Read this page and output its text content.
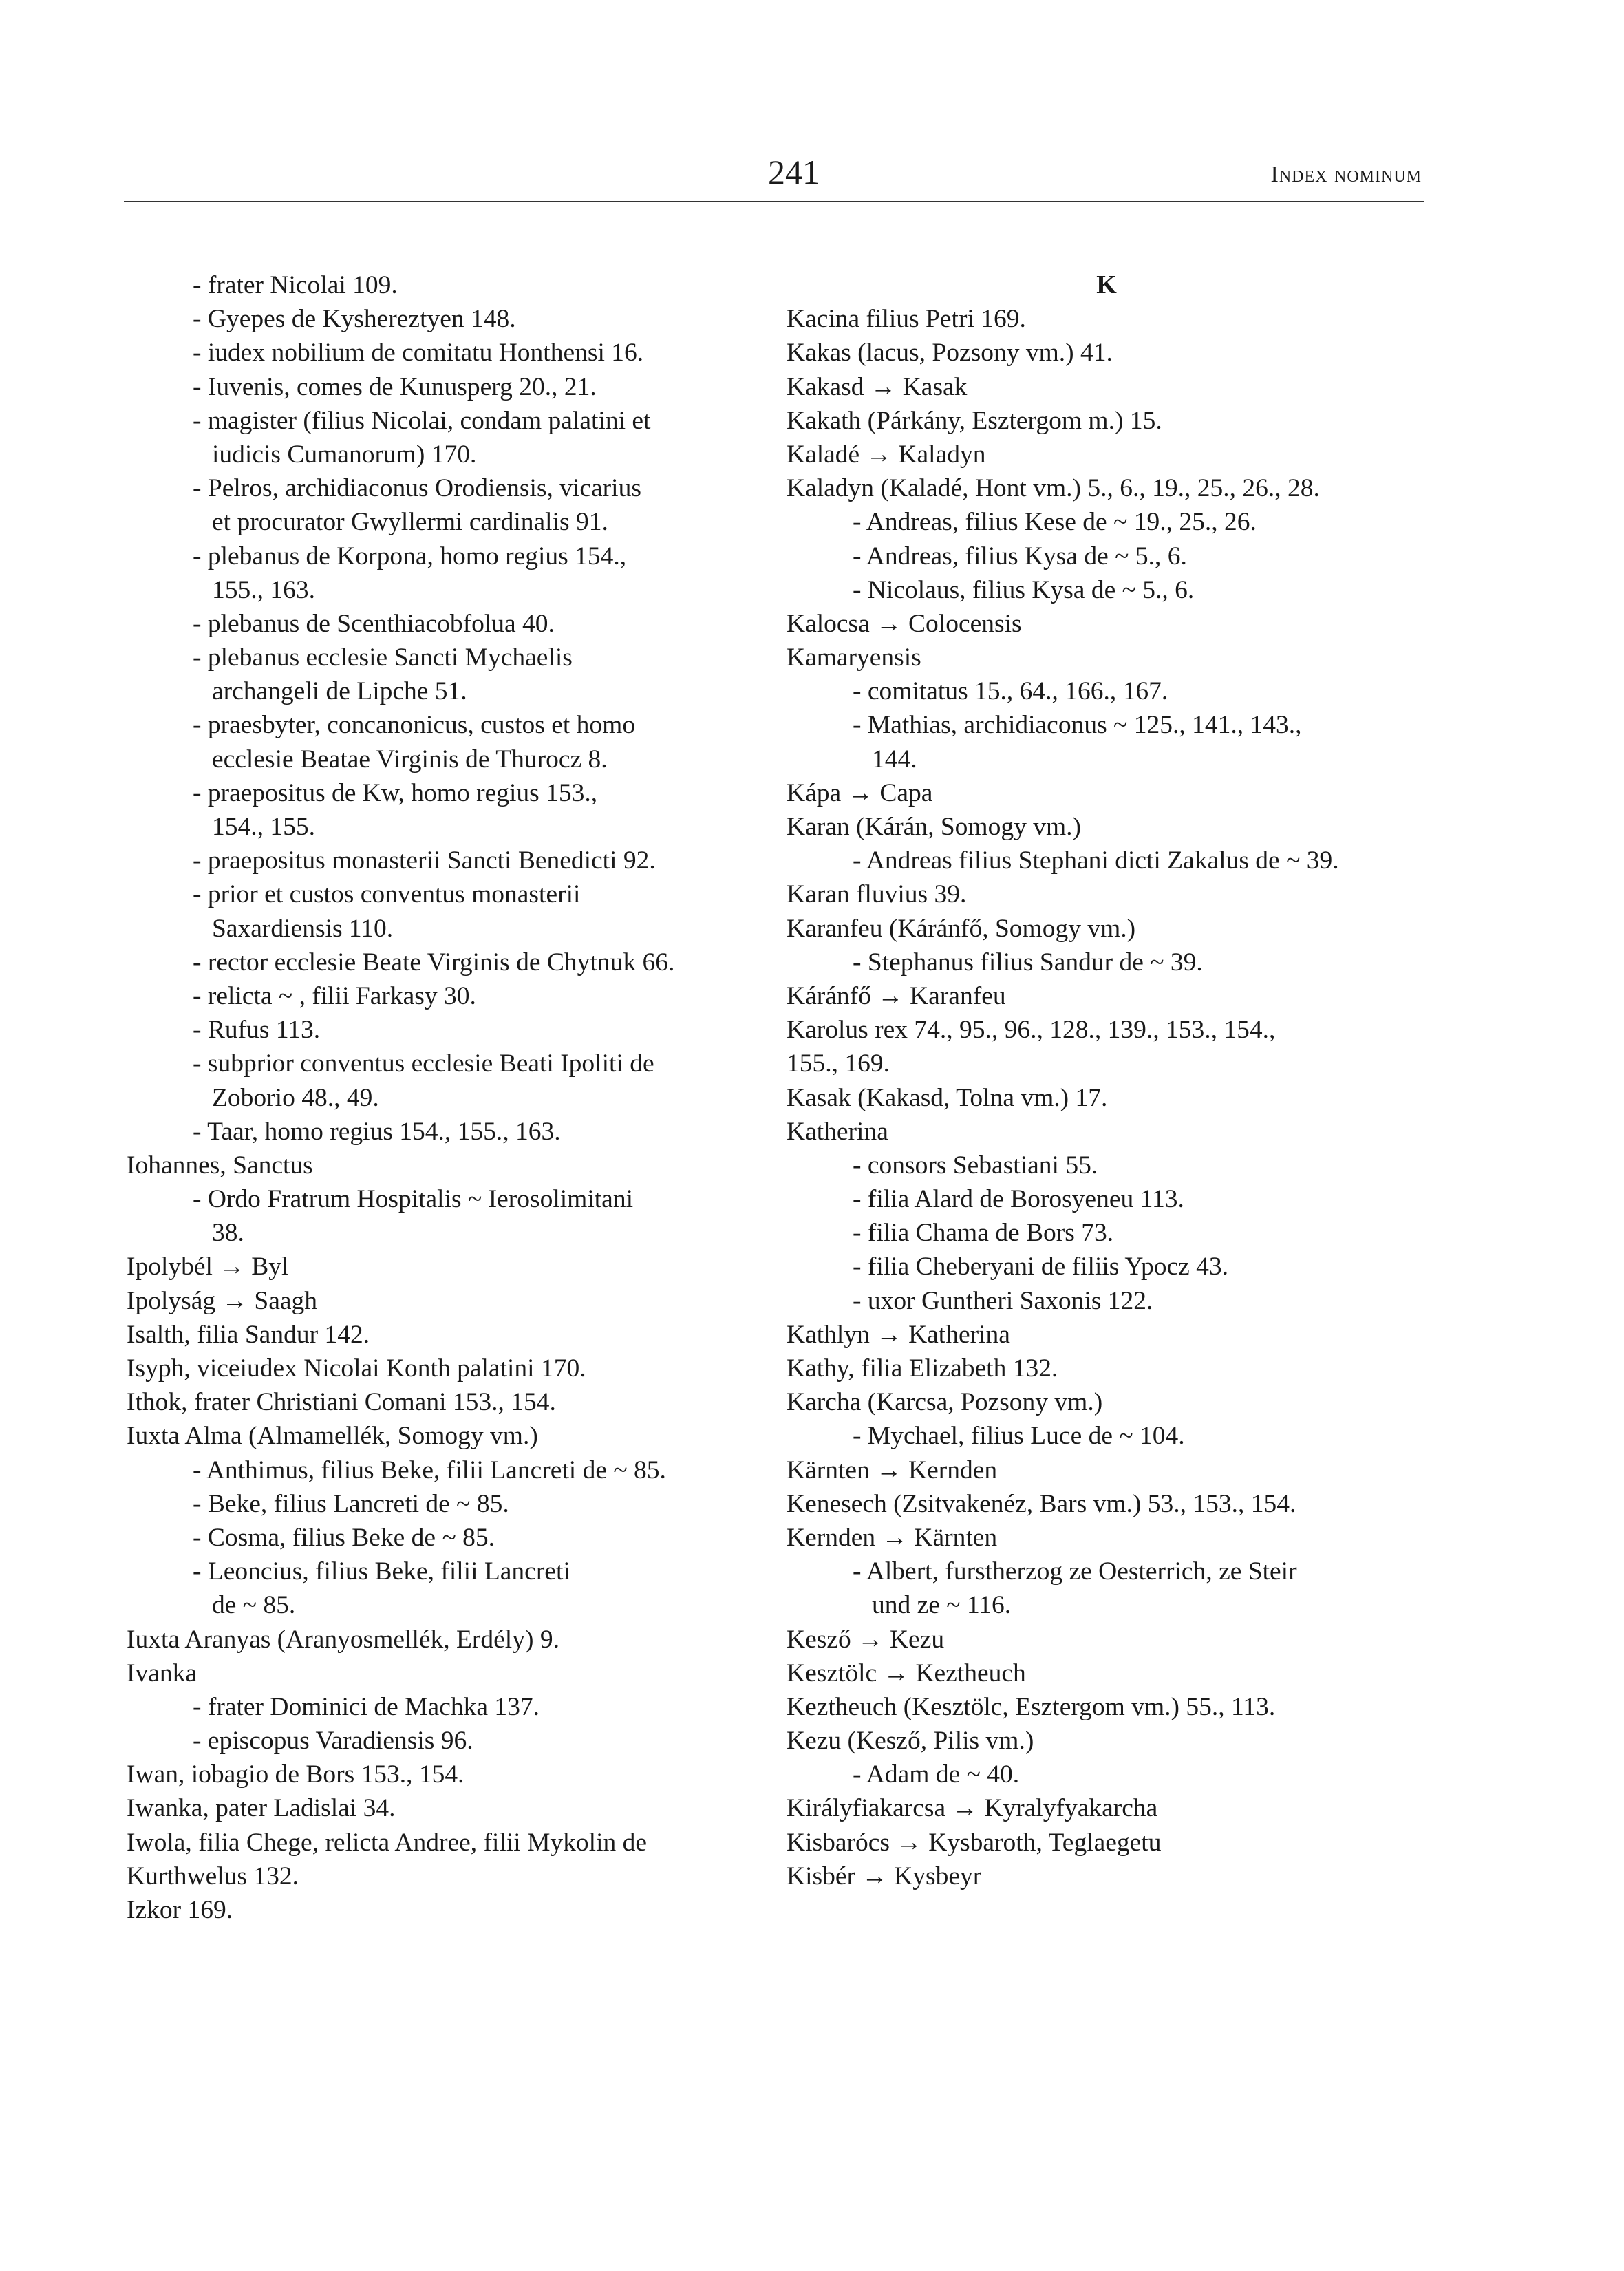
241	Index nominum
- frater Nicolai 109.
- Gyepes de Kyshereztyen 148.
- iudex nobilium de comitatu Honthensi 16.
- Iuvenis, comes de Kunusperg 20., 21.
- magister (filius Nicolai, condam palatini et
iudicis Cumanorum) 170.
- Pelros, archidiaconus Orodiensis, vicarius
et procurator Gwyllermi cardinalis 91.
- plebanus de Korpona, homo regius 154.,
155., 163.
- plebanus de Scenthiacobfolua 40.
- plebanus ecclesie Sancti Mychaelis
archangeli de Lipche 51.
- praesbyter, concanonicus, custos et homo
ecclesie Beatae Virginis de Thurocz 8.
- praepositus de Kw, homo regius 153.,
154., 155.
- praepositus monasterii Sancti Benedicti 92.
- prior et custos conventus monasterii
Saxardiensis 110.
- rector ecclesie Beate Virginis de Chytnuk 66.
- relicta ~ , filii Farkasy 30.
- Rufus 113.
- subprior conventus ecclesie Beati Ipoliti de
Zoborio 48., 49.
- Taar, homo regius 154., 155., 163.
Iohannes, Sanctus
- Ordo Fratrum Hospitalis ~ Ierosolimitani
38.
Ipolybél → Byl
Ipolyság → Saagh
Isalth, filia Sandur 142.
Isyph, viceiudex Nicolai Konth palatini 170.
Ithok, frater Christiani Comani 153., 154.
Iuxta Alma (Almamellék, Somogy vm.)
- Anthimus, filius Beke, filii Lancreti de ~ 85.
- Beke, filius Lancreti de ~ 85.
- Cosma, filius Beke de ~ 85.
- Leoncius, filius Beke, filii Lancreti
de ~ 85.
Iuxta Aranyas (Aranyosmellék, Erdély) 9.
Ivanka
- frater Dominici de Machka 137.
- episcopus Varadiensis 96.
Iwan, iobagio de Bors 153., 154.
Iwanka, pater Ladislai 34.
Iwola, filia Chege, relicta Andree, filii Mykolin de
Kurthwelus 132.
Izkor 169.
K
Kacina filius Petri 169.
Kakas (lacus, Pozsony vm.) 41.
Kakasd → Kasak
Kakath (Párkány, Esztergom m.) 15.
Kaladé → Kaladyn
Kaladyn (Kaladé, Hont vm.) 5., 6., 19., 25., 26., 28.
- Andreas, filius Kese de ~ 19., 25., 26.
- Andreas, filius Kysa de ~ 5., 6.
- Nicolaus, filius Kysa de ~ 5., 6.
Kalocsa → Colocensis
Kamaryensis
- comitatus 15., 64., 166., 167.
- Mathias, archidiaconus ~ 125., 141., 143.,
144.
Kápa → Capa
Karan (Kárán, Somogy vm.)
- Andreas filius Stephani dicti Zakalus de ~ 39.
Karan fluvius 39.
Karanfeu (Káránfő, Somogy vm.)
- Stephanus filius Sandur de ~ 39.
Káránfő → Karanfeu
Karolus rex 74., 95., 96., 128., 139., 153., 154.,
155., 169.
Kasak (Kakasd, Tolna vm.) 17.
Katherina
- consors Sebastiani 55.
- filia Alard de Borosyeneu 113.
- filia Chama de Bors 73.
- filia Cheberyani de filiis Ypocz 43.
- uxor Guntheri Saxonis 122.
Kathlyn → Katherina
Kathy, filia Elizabeth 132.
Karcha (Karcsa, Pozsony vm.)
- Mychael, filius Luce de ~ 104.
Kärnten → Kernden
Kenesech (Zsitvakenéz, Bars vm.) 53., 153., 154.
Kernden → Kärnten
- Albert, furstherzog ze Oesterrich, ze Steir
und ze ~ 116.
Kesző → Kezu
Kesztölc → Keztheuch
Keztheuch (Kesztölc, Esztergom vm.) 55., 113.
Kezu (Kesző, Pilis vm.)
- Adam de ~ 40.
Királyfiakarcsa → Kyralyfyakarcha
Kisbarócs → Kysbaroth, Teglaegetu
Kisbér → Kysbeyr
